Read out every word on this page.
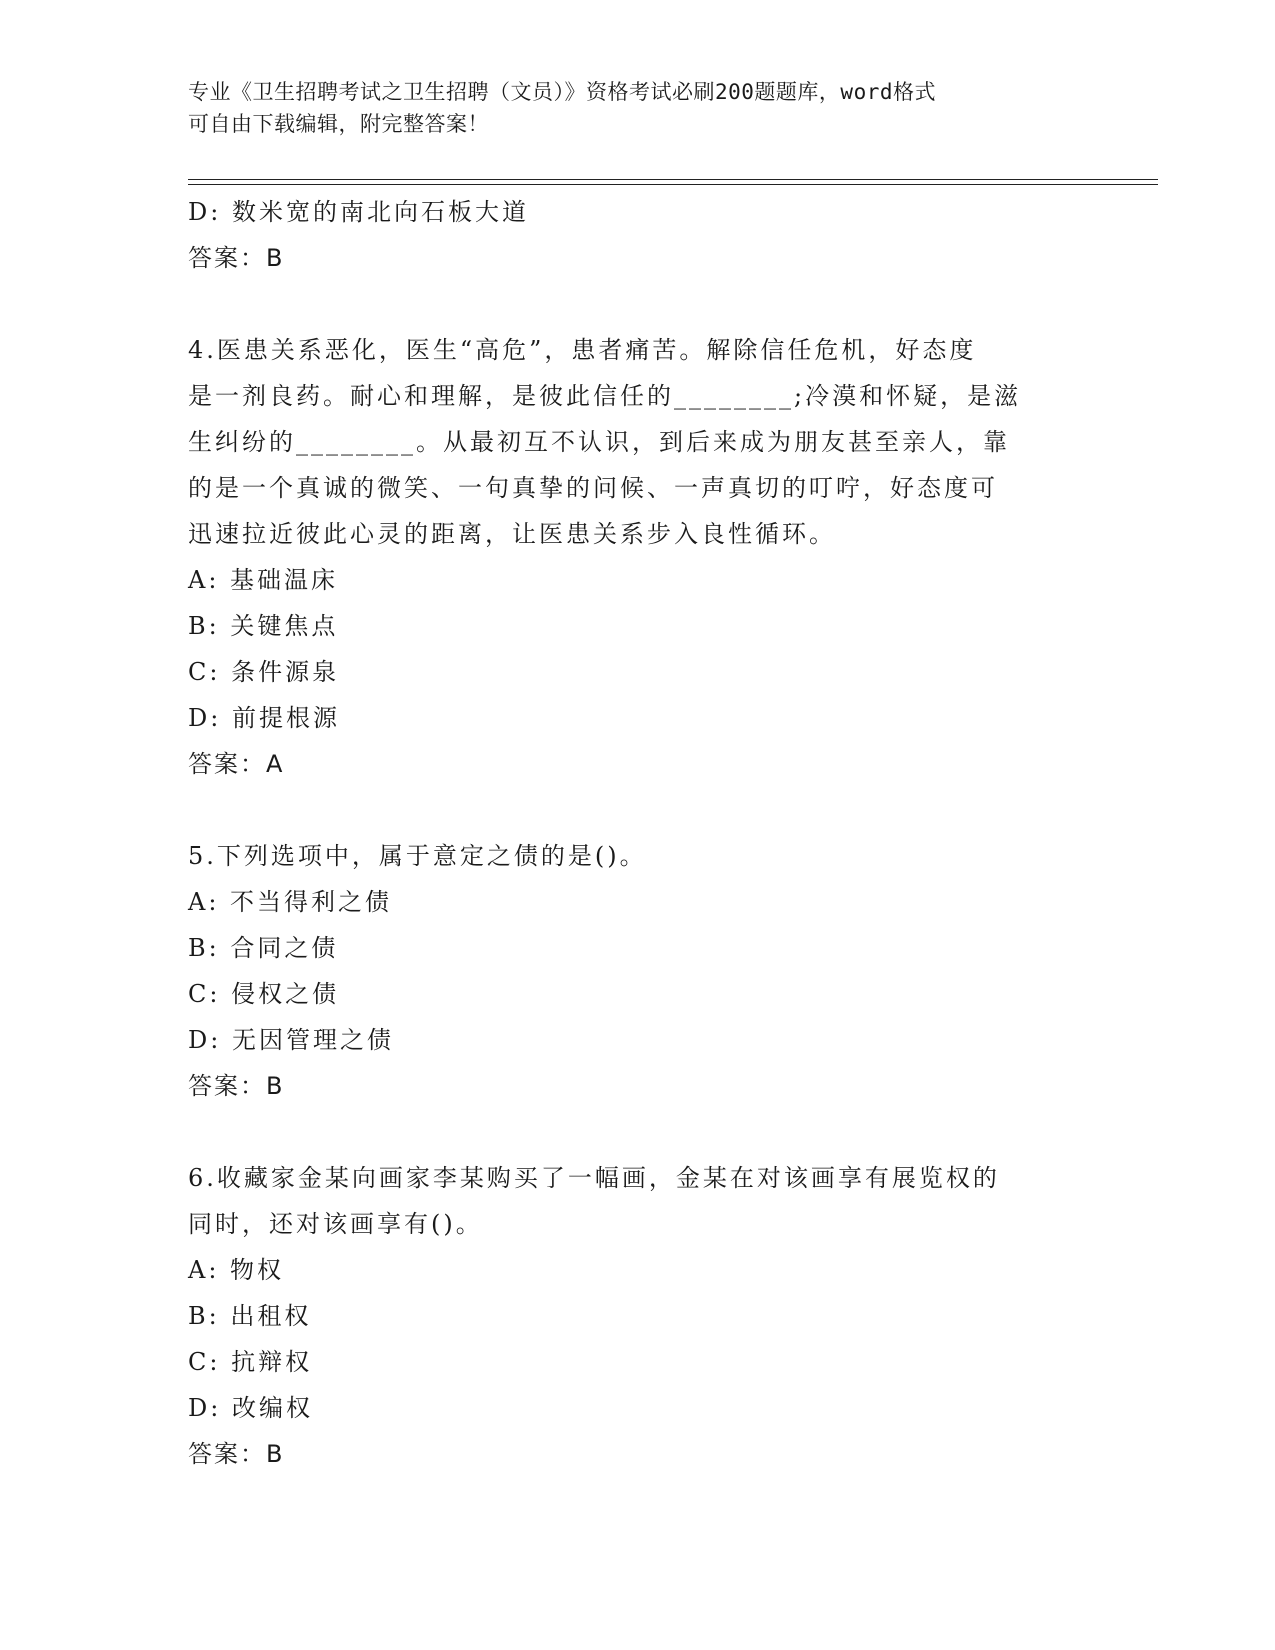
专业《卫生招聘考试之卫生招聘（文员）》资格考试必刷200题题库，word格式
可自由下载编辑，附完整答案！
D: 数米宽的南北向石板大道
答案：B
4.医患关系恶化，医生“高危”，患者痛苦。解除信任危机，好态度
是一剂良药。耐心和理解，是彼此信任的________;冷漠和怀疑，是滋
生纠纷的________。从最初互不认识，到后来成为朋友甚至亲人，靠
的是一个真诚的微笑、一句真挚的问候、一声真切的叮咛，好态度可
迅速拉近彼此心灵的距离，让医患关系步入良性循环。
A: 基础温床
B: 关键焦点
C: 条件源泉
D: 前提根源
答案：A
5.下列选项中，属于意定之债的是()。
A: 不当得利之债
B: 合同之债
C: 侵权之债
D: 无因管理之债
答案：B
6.收藏家金某向画家李某购买了一幅画，金某在对该画享有展览权的
同时，还对该画享有()。
A: 物权
B: 出租权
C: 抗辩权
D: 改编权
答案：B
